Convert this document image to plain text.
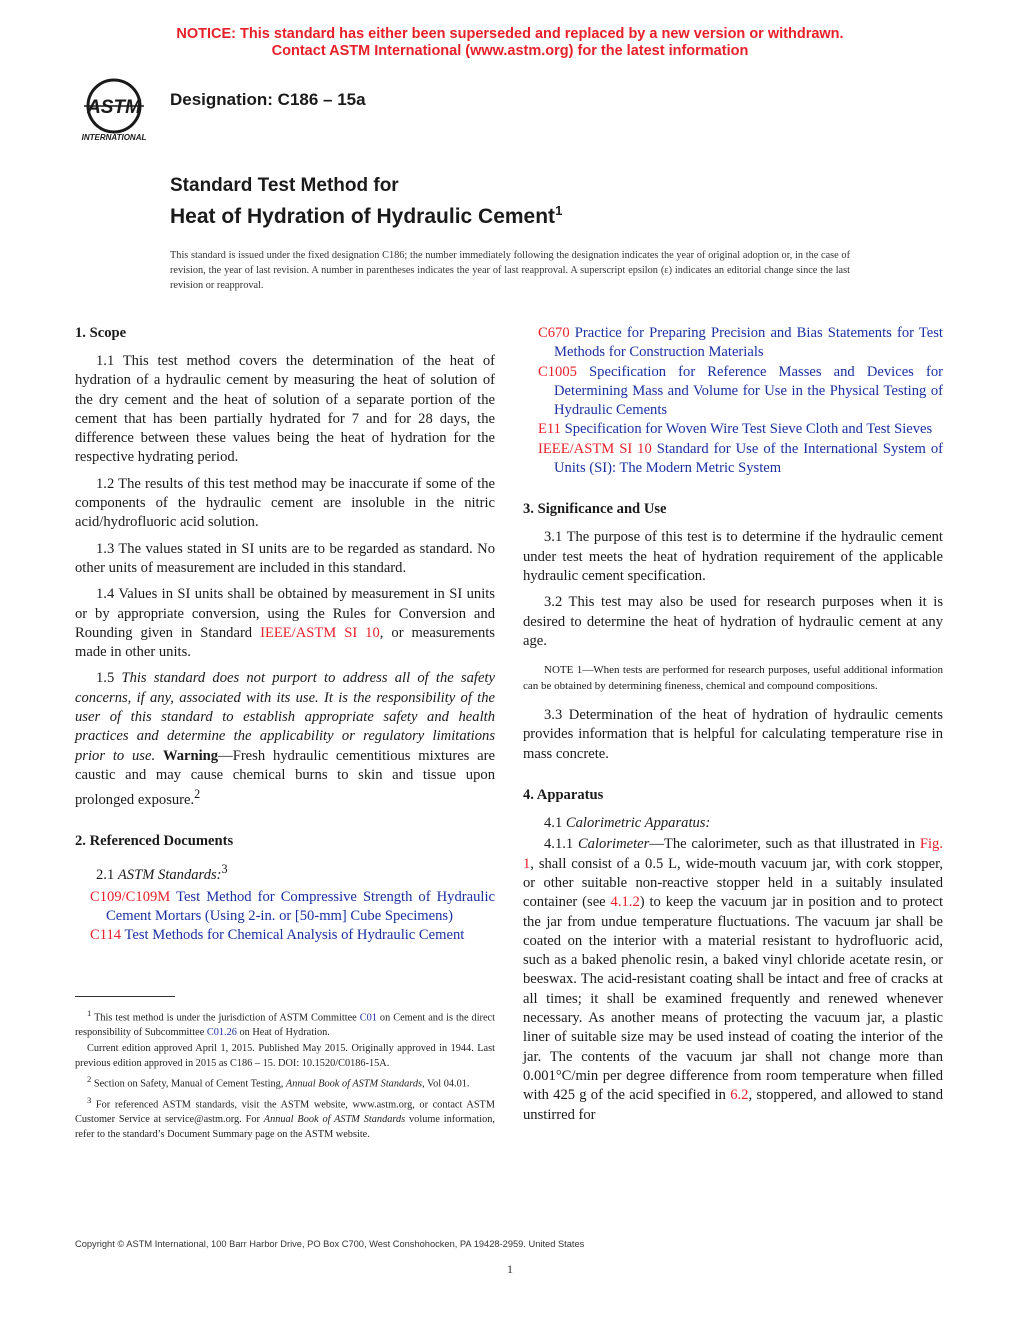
NOTICE: This standard has either been superseded and replaced by a new version or withdrawn.
Contact ASTM International (www.astm.org) for the latest information
ASTM
INTERNATIONAL
Designation: C186 – 15a
Standard Test Method for
Heat of Hydration of Hydraulic Cement$^1$
This standard is issued under the fixed designation C186; the number immediately following the designation indicates the year of original adoption or, in the case of revision, the year of last revision. A number in parentheses indicates the year of last reapproval. A superscript epsilon (ε) indicates an editorial change since the last revision or reapproval.
1. Scope

1.1 This test method covers the determination of the heat of hydration of a hydraulic cement by measuring the heat of solution of the dry cement and the heat of solution of a separate portion of the cement that has been partially hydrated for 7 and for 28 days, the difference between these values being the heat of hydration for the respective hydrating period.

1.2 The results of this test method may be inaccurate if some of the components of the hydraulic cement are insoluble in the nitric acid/hydrofluoric acid solution.

1.3 The values stated in SI units are to be regarded as standard. No other units of measurement are included in this standard.

1.4 Values in SI units shall be obtained by measurement in SI units or by appropriate conversion, using the Rules for Conversion and Rounding given in Standard IEEE/ASTM SI 10, or measurements made in other units.

1.5 This standard does not purport to address all of the safety concerns, if any, associated with its use. It is the responsibility of the user of this standard to establish appropriate safety and health practices and determine the applicability or regulatory limitations prior to use. Warning—Fresh hydraulic cementitious mixtures are caustic and may cause chemical burns to skin and tissue upon prolonged exposure.$^2$

2. Referenced Documents

2.1 ASTM Standards:$^3$

C109/C109M Test Method for Compressive Strength of Hydraulic Cement Mortars (Using 2-in. or [50-mm] Cube Specimens)

C114 Test Methods for Chemical Analysis of Hydraulic Cement

$^1$ This test method is under the jurisdiction of ASTM Committee C01 on Cement and is the direct responsibility of Subcommittee C01.26 on Heat of Hydration.

Current edition approved April 1, 2015. Published May 2015. Originally approved in 1944. Last previous edition approved in 2015 as C186 – 15. DOI: 10.1520/C0186-15A.

$^2$ Section on Safety, Manual of Cement Testing, Annual Book of ASTM Standards, Vol 04.01.

$^3$ For referenced ASTM standards, visit the ASTM website, www.astm.org, or contact ASTM Customer Service at service@astm.org. For Annual Book of ASTM Standards volume information, refer to the standard’s Document Summary page on the ASTM website.

C670 Practice for Preparing Precision and Bias Statements for Test Methods for Construction Materials

C1005 Specification for Reference Masses and Devices for Determining Mass and Volume for Use in the Physical Testing of Hydraulic Cements

E11 Specification for Woven Wire Test Sieve Cloth and Test Sieves

IEEE/ASTM SI 10 Standard for Use of the International System of Units (SI): The Modern Metric System

3. Significance and Use

3.1 The purpose of this test is to determine if the hydraulic cement under test meets the heat of hydration requirement of the applicable hydraulic cement specification.

3.2 This test may also be used for research purposes when it is desired to determine the heat of hydration of hydraulic cement at any age.

NOTE 1—When tests are performed for research purposes, useful additional information can be obtained by determining fineness, chemical and compound compositions.

3.3 Determination of the heat of hydration of hydraulic cements provides information that is helpful for calculating temperature rise in mass concrete.

4. Apparatus

4.1 Calorimetric Apparatus:

4.1.1 Calorimeter—The calorimeter, such as that illustrated in Fig. 1, shall consist of a 0.5 L, wide-mouth vacuum jar, with cork stopper, or other suitable non-reactive stopper held in a suitably insulated container (see 4.1.2) to keep the vacuum jar in position and to protect the jar from undue temperature fluctuations. The vacuum jar shall be coated on the interior with a material resistant to hydrofluoric acid, such as a baked phenolic resin, a baked vinyl chloride acetate resin, or beeswax. The acid-resistant coating shall be intact and free of cracks at all times; it shall be examined frequently and renewed whenever necessary. As another means of protecting the vacuum jar, a plastic liner of suitable size may be used instead of coating the interior of the jar. The contents of the vacuum jar shall not change more than 0.001°C/min per degree difference from room temperature when filled with 425 g of the acid specified in 6.2, stoppered, and allowed to stand unstirred for

Copyright © ASTM International, 100 Barr Harbor Drive, PO Box C700, West Conshohocken, PA 19428-2959. United States
1
